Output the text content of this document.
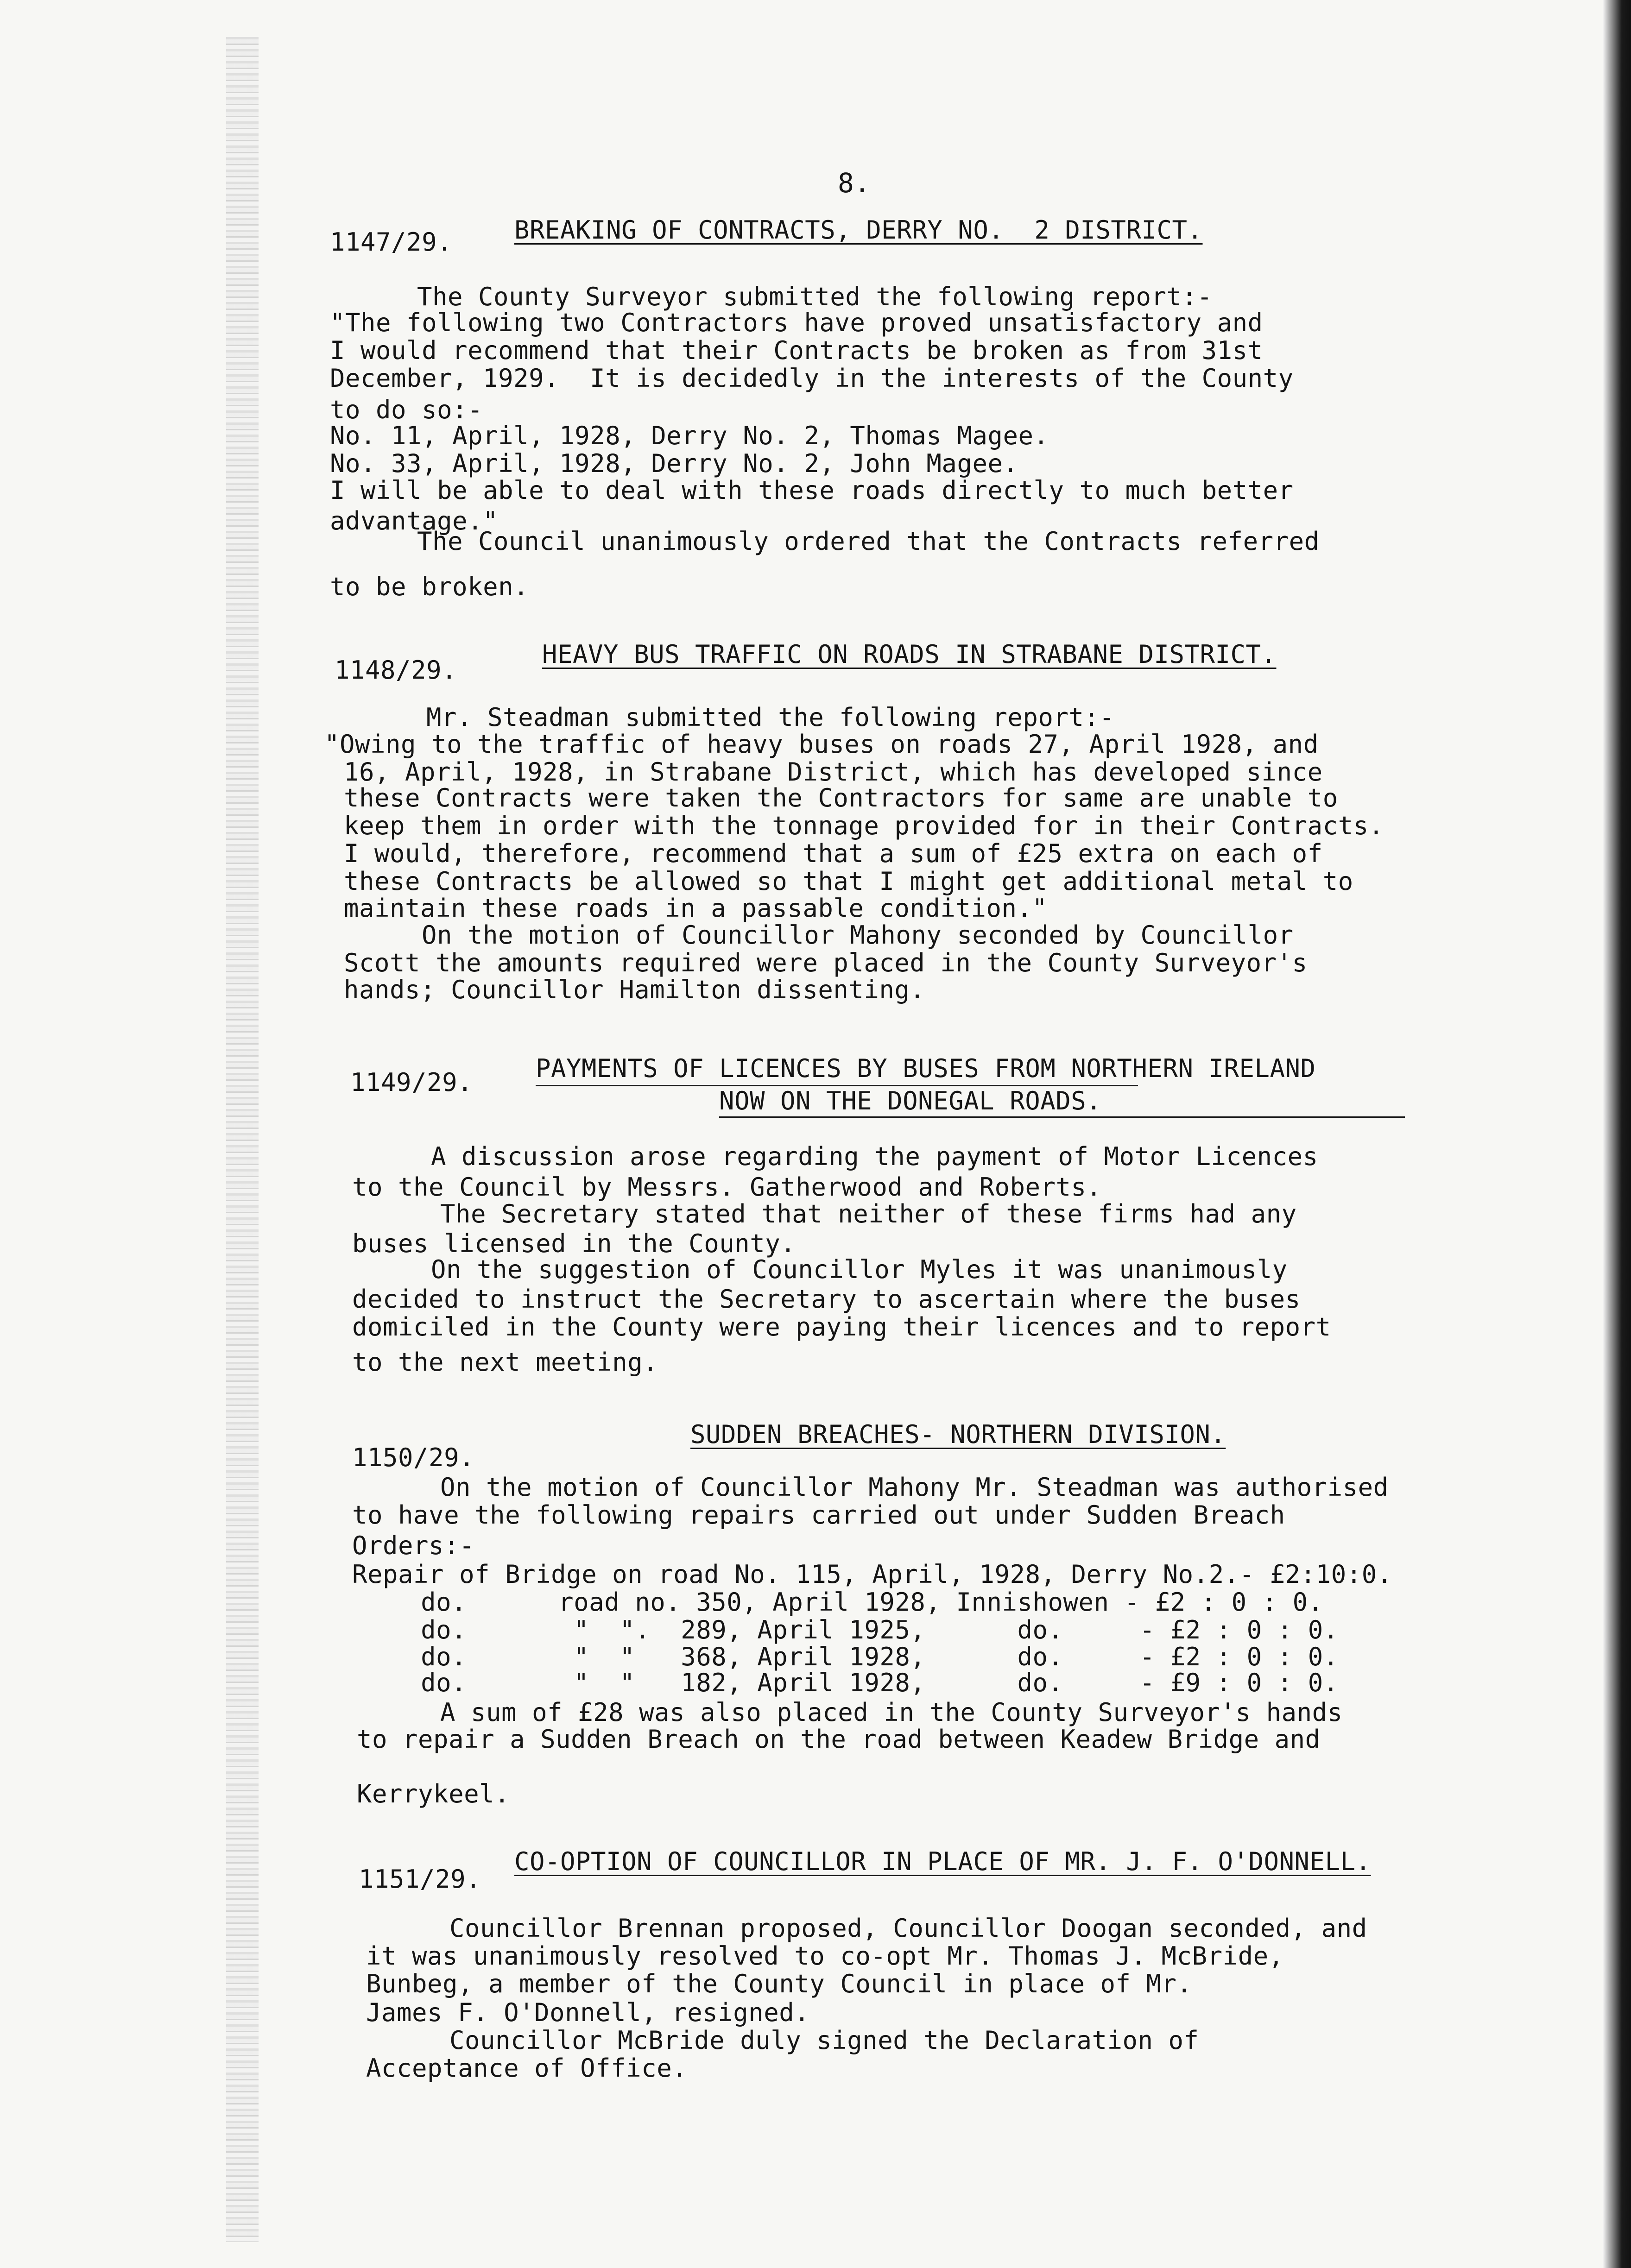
8.
1147/29. BREAKING OF CONTRACTS, DERRY NO.  2 DISTRICT.
The County Surveyor submitted the following report:-
"The following two Contractors have proved unsatisfactory and
I would recommend that their Contracts be broken as from 31st
December, 1929.  It is decidedly in the interests of the County
to do so:-
No. 11, April, 1928, Derry No. 2, Thomas Magee.
No. 33, April, 1928, Derry No. 2, John Magee.
I will be able to deal with these roads directly to much better
advantage."
The Council unanimously ordered that the Contracts referred
to be broken.
1148/29.
HEAVY BUS TRAFFIC ON ROADS IN STRABANE DISTRICT.
Mr. Steadman submitted the following report:-
"Owing to the traffic of heavy buses on roads 27, April 1928, and
16, April, 1928, in Strabane District, which has developed since
these Contracts were taken the Contractors for same are unable to
keep them in order with the tonnage provided for in their Contracts.
I would, therefore, recommend that a sum of £25 extra on each of
these Contracts be allowed so that I might get additional metal to
maintain these roads in a passable condition."
On the motion of Councillor Mahony seconded by Councillor
Scott the amounts required were placed in the County Surveyor's
hands; Councillor Hamilton dissenting.
1149/29.	PAYMENTS OF LICENCES BY BUSES FROM NORTHERN IRELAND
NOW ON THE DONEGAL ROADS.
A discussion arose regarding the payment of Motor Licences
to the Council by Messrs. Gatherwood and Roberts.
The Secretary stated that neither of these firms had any
buses licensed in the County.
On the suggestion of Councillor Myles it was unanimously
decided to instruct the Secretary to ascertain where the buses
domiciled in the County were paying their licences and to report
to the next meeting.
1150/29.
SUDDEN BREACHES- NORTHERN DIVISION.
On the motion of Councillor Mahony Mr. Steadman was authorised
to have the following repairs carried out under Sudden Breach
Orders:-
Repair of Bridge on road No. 115, April, 1928, Derry No.2.- £2:10:0.
do.      road no. 350, April 1928, Innishowen - £2 : 0 : 0.
do.       "  ".  289, April 1925,      do.     - £2 : 0 : 0.
do.       "  "   368, April 1928,      do.     - £2 : 0 : 0.
do.       "  "   182, April 1928,      do.     - £9 : 0 : 0.
A sum of £28 was also placed in the County Surveyor's hands
to repair a Sudden Breach on the road between Keadew Bridge and
Kerrykeel.
1151/29.
CO-OPTION OF COUNCILLOR IN PLACE OF MR. J. F. O'DONNELL.
Councillor Brennan proposed, Councillor Doogan seconded, and
it was unanimously resolved to co-opt Mr. Thomas J. McBride,
Bunbeg, a member of the County Council in place of Mr.
James F. O'Donnell, resigned.
Councillor McBride duly signed the Declaration of
Acceptance of Office.
